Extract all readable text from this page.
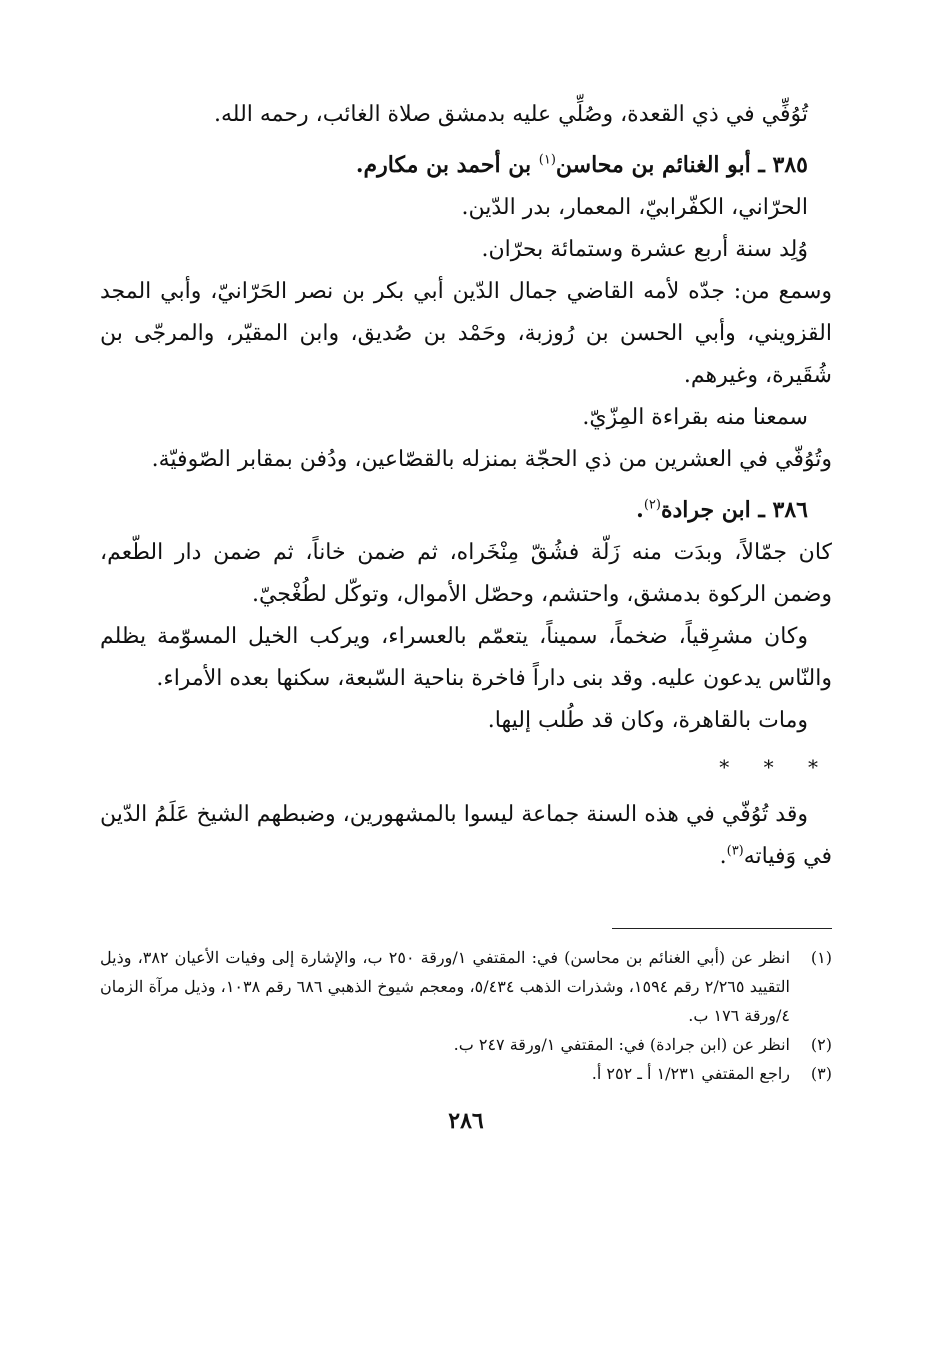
تُوُفِّي في ذي القعدة، وصُلِّي عليه بدمشق صلاة الغائب، رحمه الله.

٣٨٥ ـ أبو الغنائم بن محاسن$^{(١)}$ بن أحمد بن مكارم.

الحرّاني، الكفّرابيّ، المعمار، بدر الدّين.

وُلِد سنة أربع عشرة وستمائة بحرّان.

وسمع من: جدّه لأمه القاضي جمال الدّين أبي بكر بن نصر الحَرّانيّ، وأبي المجد القزويني، وأبي الحسن بن رُوزبة، وحَمْد بن صُديق، وابن المقيّر، والمرجّى بن شُقَيرة، وغيرهم.

سمعنا منه بقراءة المِزّيّ.

وتُوُفّي في العشرين من ذي الحجّة بمنزله بالقصّاعين، ودُفن بمقابر الصّوفيّة.

٣٨٦ ـ ابن جرادة$^{(٢)}$.

كان جمّالاً، وبدَت منه زَلّة فشُقّ مِنْخَراه، ثم ضمن خاناً، ثم ضمن دار الطّعم، وضمن الركوة بدمشق، واحتشم، وحصّل الأموال، وتوكّل لطُغْجيّ.

وكان مشرِقياً، ضخماً، سميناً، يتعمّم بالعسراء، ويركب الخيل المسوّمة يظلم والنّاس يدعون عليه. وقد بنى داراً فاخرة بناحية السّبعة، سكنها بعده الأمراء.

ومات بالقاهرة، وكان قد طُلب إليها.

* * *

وقد تُوُفّي في هذه السنة جماعة ليسوا بالمشهورين، وضبطهم الشيخ عَلَمُ الدّين في وَفياته$^{(٣)}$.

(١)
انظر عن (أبي الغنائم بن محاسن) في: المقتفي ١/ورقة ٢٥٠ ب، والإشارة إلى وفيات الأعيان ٣٨٢، وذيل التقييد ٢/٢٦٥ رقم ١٥٩٤، وشذرات الذهب ٥/٤٣٤، ومعجم شيوخ الذهبي ٦٨٦ رقم ١٠٣٨، وذيل مرآة الزمان ٤/ورقة ١٧٦ ب.
(٢)
انظر عن (ابن جرادة) في: المقتفي ١/ورقة ٢٤٧ ب.
(٣)
راجع المقتفي ١/٢٣١ أ ـ ٢٥٢ أ.
٢٨٦
